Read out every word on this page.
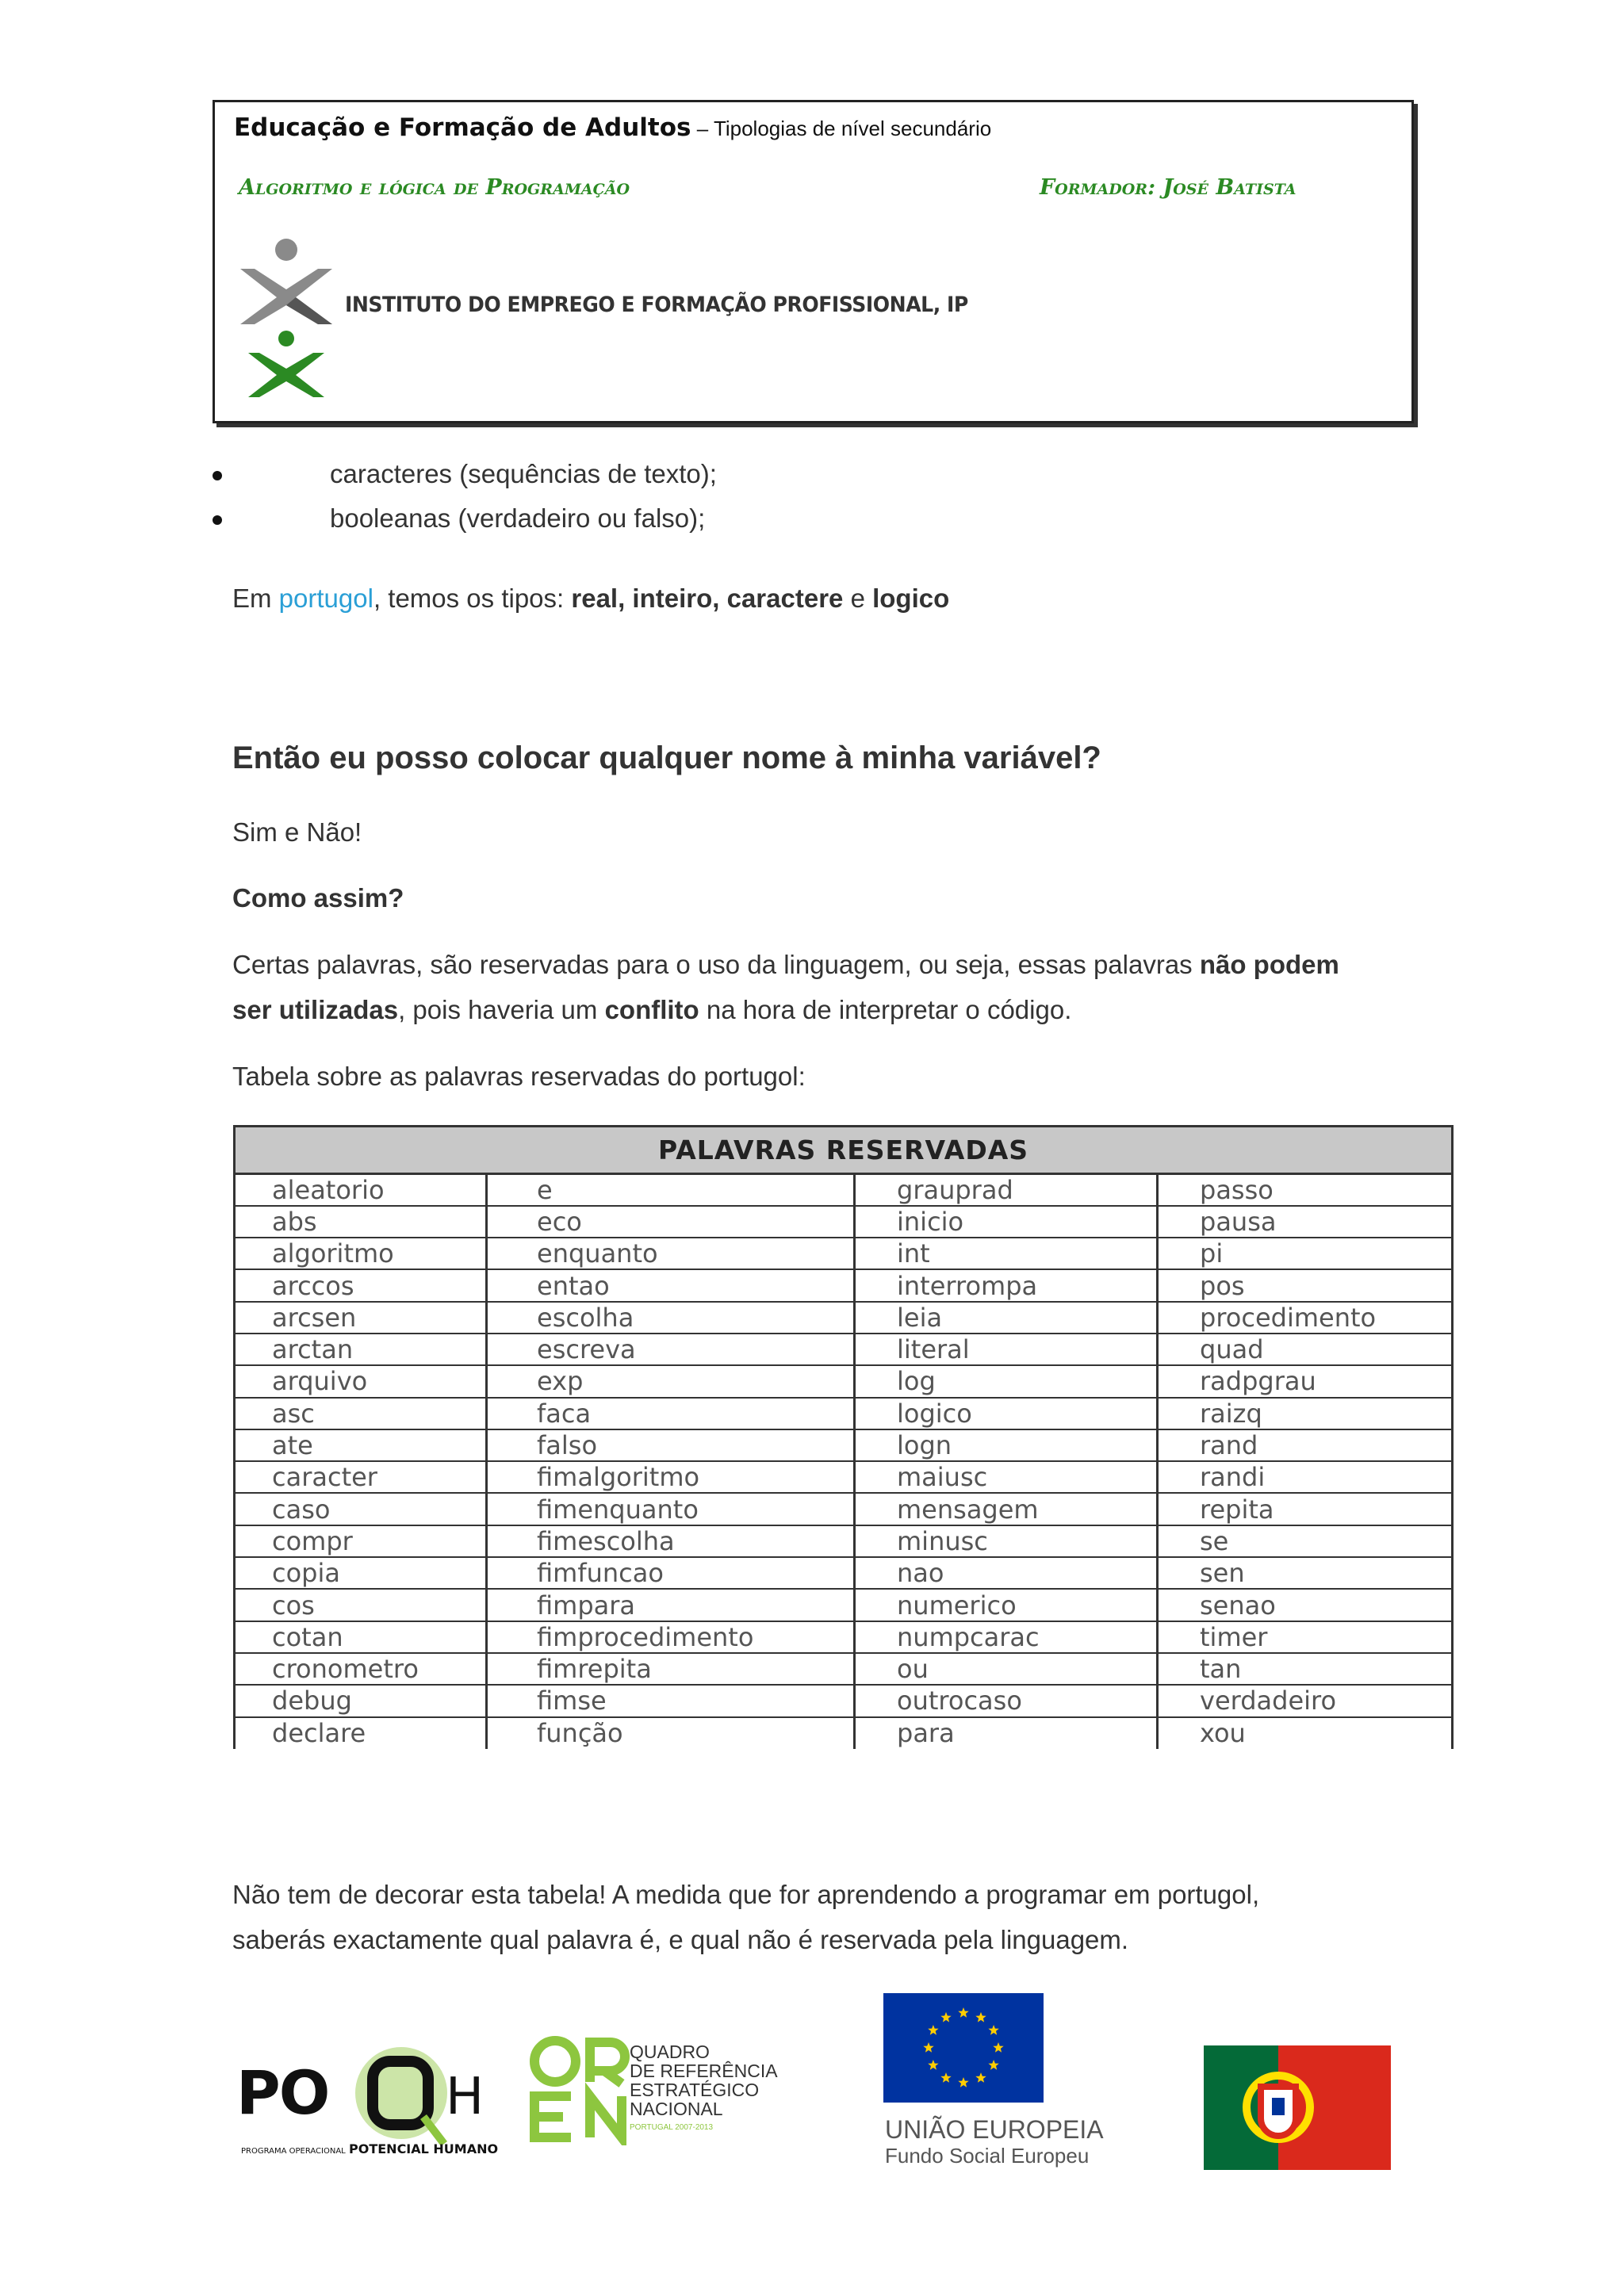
Educação e Formação de Adultos – Tipologias de nível secundário
Algoritmo e lógica de Programação	Formador: José Batista
INSTITUTO DO EMPREGO E FORMAÇÃO PROFISSIONAL, IP
caracteres (sequências de texto);
booleanas (verdadeiro ou falso);
Em portugol, temos os tipos: real, inteiro, caractere e logico
Então eu posso colocar qualquer nome à minha variável?
Sim e Não!
Como assim?
Certas palavras, são reservadas para o uso da linguagem, ou seja, essas palavras não podem
ser utilizadas, pois haveria um conflito na hora de interpretar o código.
Tabela sobre as palavras reservadas do portugol:
PALAVRAS RESERVADAS			
aleatorio	e	grauprad	passo
abs	eco	inicio	pausa
algoritmo	enquanto	int	pi
arccos	entao	interrompa	pos
arcsen	escolha	leia	procedimento
arctan	escreva	literal	quad
arquivo	exp	log	radpgrau
asc	faca	logico	raizq
ate	falso	logn	rand
caracter	fimalgoritmo	maiusc	randi
caso	fimenquanto	mensagem	repita
compr	fimescolha	minusc	se
copia	fimfuncao	nao	sen
cos	fimpara	numerico	senao
cotan	fimprocedimento	numpcarac	timer
cronometro	fimrepita	ou	tan
debug	fimse	outrocaso	verdadeiro
declare	função	para	xou
Não tem de decorar esta tabela! A medida que for aprendendo a programar em portugol,
saberás exactamente qual palavra é, e qual não é reservada pela linguagem.
PO H
PROGRAMA OPERACIONAL POTENCIAL HUMANO
QUADRO
DE REFERÊNCIA
ESTRATÉGICO
NACIONAL
PORTUGAL 2007-2013	UNIÃO EUROPEIA
Fundo Social Europeu
